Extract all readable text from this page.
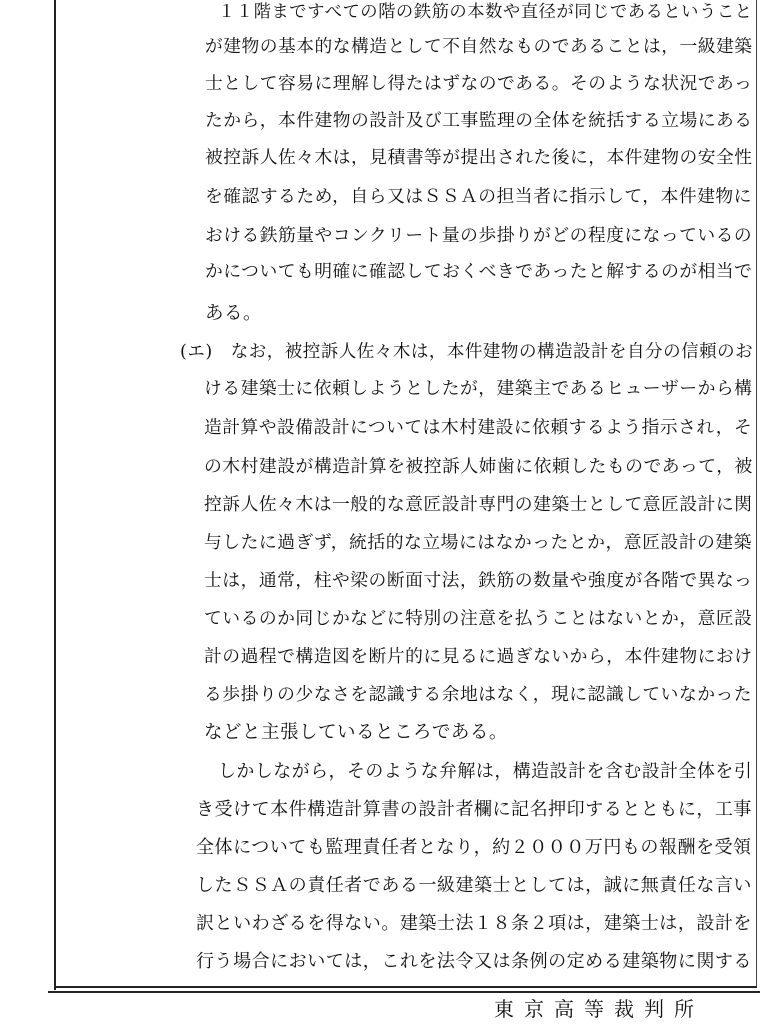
１１階まですべての階の鉄筋の本数や直径が同じであるということ
が建物の基本的な構造として不自然なものであることは，一級建築
士として容易に理解し得たはずなのである。そのような状況であっ
たから，本件建物の設計及び工事監理の全体を統括する立場にある
被控訴人佐々木は，見積書等が提出された後に，本件建物の安全性
を確認するため，自ら又はＳＳＡの担当者に指示して，本件建物に
おける鉄筋量やコンクリート量の歩掛りがどの程度になっているの
かについても明確に確認しておくべきであったと解するのが相当で
ある。
(エ)　なお，被控訴人佐々木は，本件建物の構造設計を自分の信頼のお
ける建築士に依頼しようとしたが，建築主であるヒューザーから構
造計算や設備設計については木村建設に依頼するよう指示され，そ
の木村建設が構造計算を被控訴人姉歯に依頼したものであって，被
控訴人佐々木は一般的な意匠設計専門の建築士として意匠設計に関
与したに過ぎず，統括的な立場にはなかったとか，意匠設計の建築
士は，通常，柱や梁の断面寸法，鉄筋の数量や強度が各階で異なっ
ているのか同じかなどに特別の注意を払うことはないとか，意匠設
計の過程で構造図を断片的に見るに過ぎないから，本件建物におけ
る歩掛りの少なさを認識する余地はなく，現に認識していなかった
などと主張しているところである。
しかしながら，そのような弁解は，構造設計を含む設計全体を引
き受けて本件構造計算書の設計者欄に記名押印するとともに，工事
全体についても監理責任者となり，約２０００万円もの報酬を受領
したＳＳＡの責任者である一級建築士としては，誠に無責任な言い
訳といわざるを得ない。建築士法１８条２項は，建築士は，設計を
行う場合においては，これを法令又は条例の定める建築物に関する
東京高等裁判所
